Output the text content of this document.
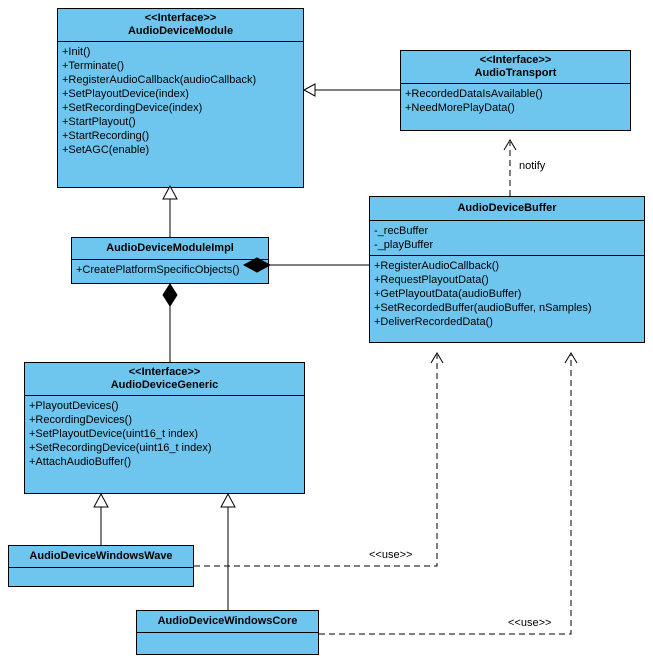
<<Interface>>
AudioDeviceModule
+Init()
+Terminate()
+RegisterAudioCallback(audioCallback)
+SetPlayoutDevice(index)
+SetRecordingDevice(index)
+StartPlayout()
+StartRecording()
+SetAGC(enable)
<<Interface>>
AudioTransport
+RecordedDataIsAvailable()
+NeedMorePlayData()
AudioDeviceBuffer
-_recBuffer
-_playBuffer
+RegisterAudioCallback()
+RequestPlayoutData()
+GetPlayoutData(audioBuffer)
+SetRecordedBuffer(audioBuffer, nSamples)
+DeliverRecordedData()
AudioDeviceModuleImpl
+CreatePlatformSpecificObjects()
<<Interface>>
AudioDeviceGeneric
+PlayoutDevices()
+RecordingDevices()
+SetPlayoutDevice(uint16_t index)
+SetRecordingDevice(uint16_t index)
+AttachAudioBuffer()
AudioDeviceWindowsWave
AudioDeviceWindowsCore
notify
<<use>>
<<use>>
